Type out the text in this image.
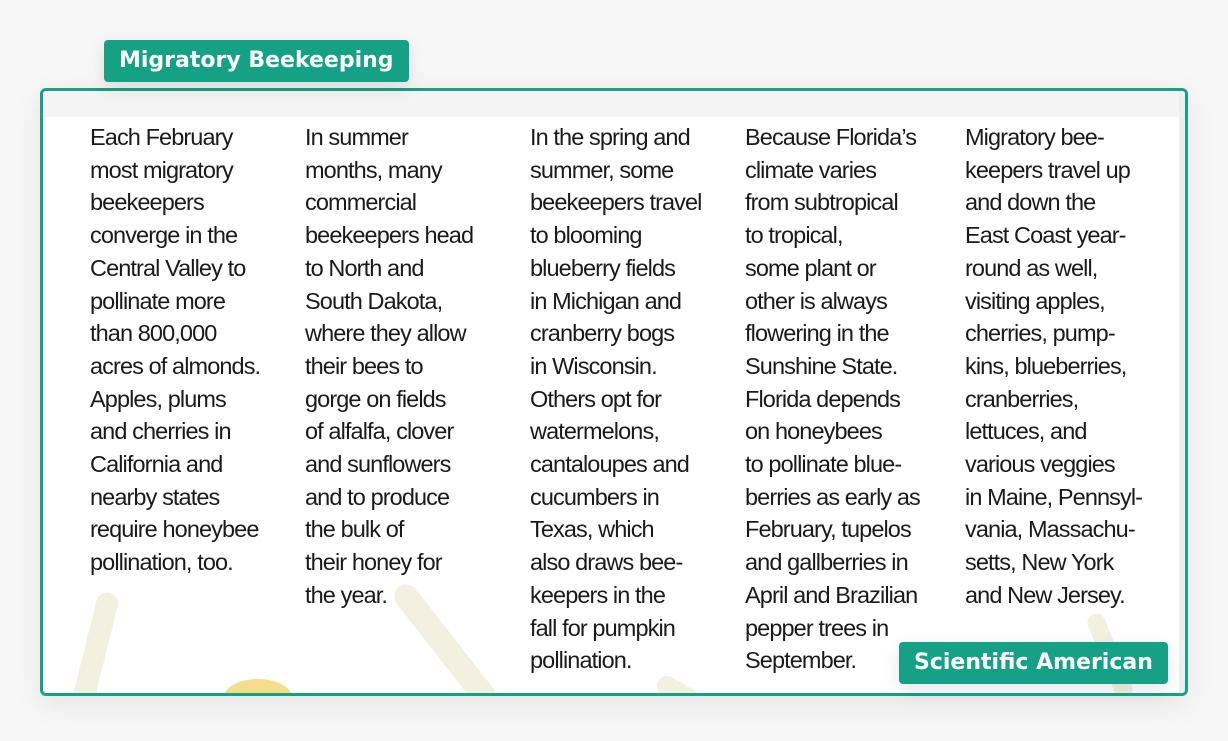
Migratory Beekeeping
Each February
most migratory
beekeepers
converge in the
Central Valley to
pollinate more
than 800,000
acres of almonds.
Apples, plums
and cherries in
California and
nearby states
require honeybee
pollination, too.
In summer
months, many
commercial
beekeepers head
to North and
South Dakota,
where they allow
their bees to
gorge on fields
of alfalfa, clover
and sunflowers
and to produce
the bulk of
their honey for
the year.
In the spring and
summer, some
beekeepers travel
to blooming
blueberry fields
in Michigan and
cranberry bogs
in Wisconsin.
Others opt for
watermelons,
cantaloupes and
cucumbers in
Texas, which
also draws bee-
keepers in the
fall for pumpkin
pollination.
Because Florida’s
climate varies
from subtropical
to tropical,
some plant or
other is always
flowering in the
Sunshine State.
Florida depends
on honeybees
to pollinate blue-
berries as early as
February, tupelos
and gallberries in
April and Brazilian
pepper trees in
September.
Migratory bee-
keepers travel up
and down the
East Coast year-
round as well,
visiting apples,
cherries, pump-
kins, blueberries,
cranberries,
lettuces, and
various veggies
in Maine, Pennsyl-
vania, Massachu-
setts, New York
and New Jersey.
Scientific American
